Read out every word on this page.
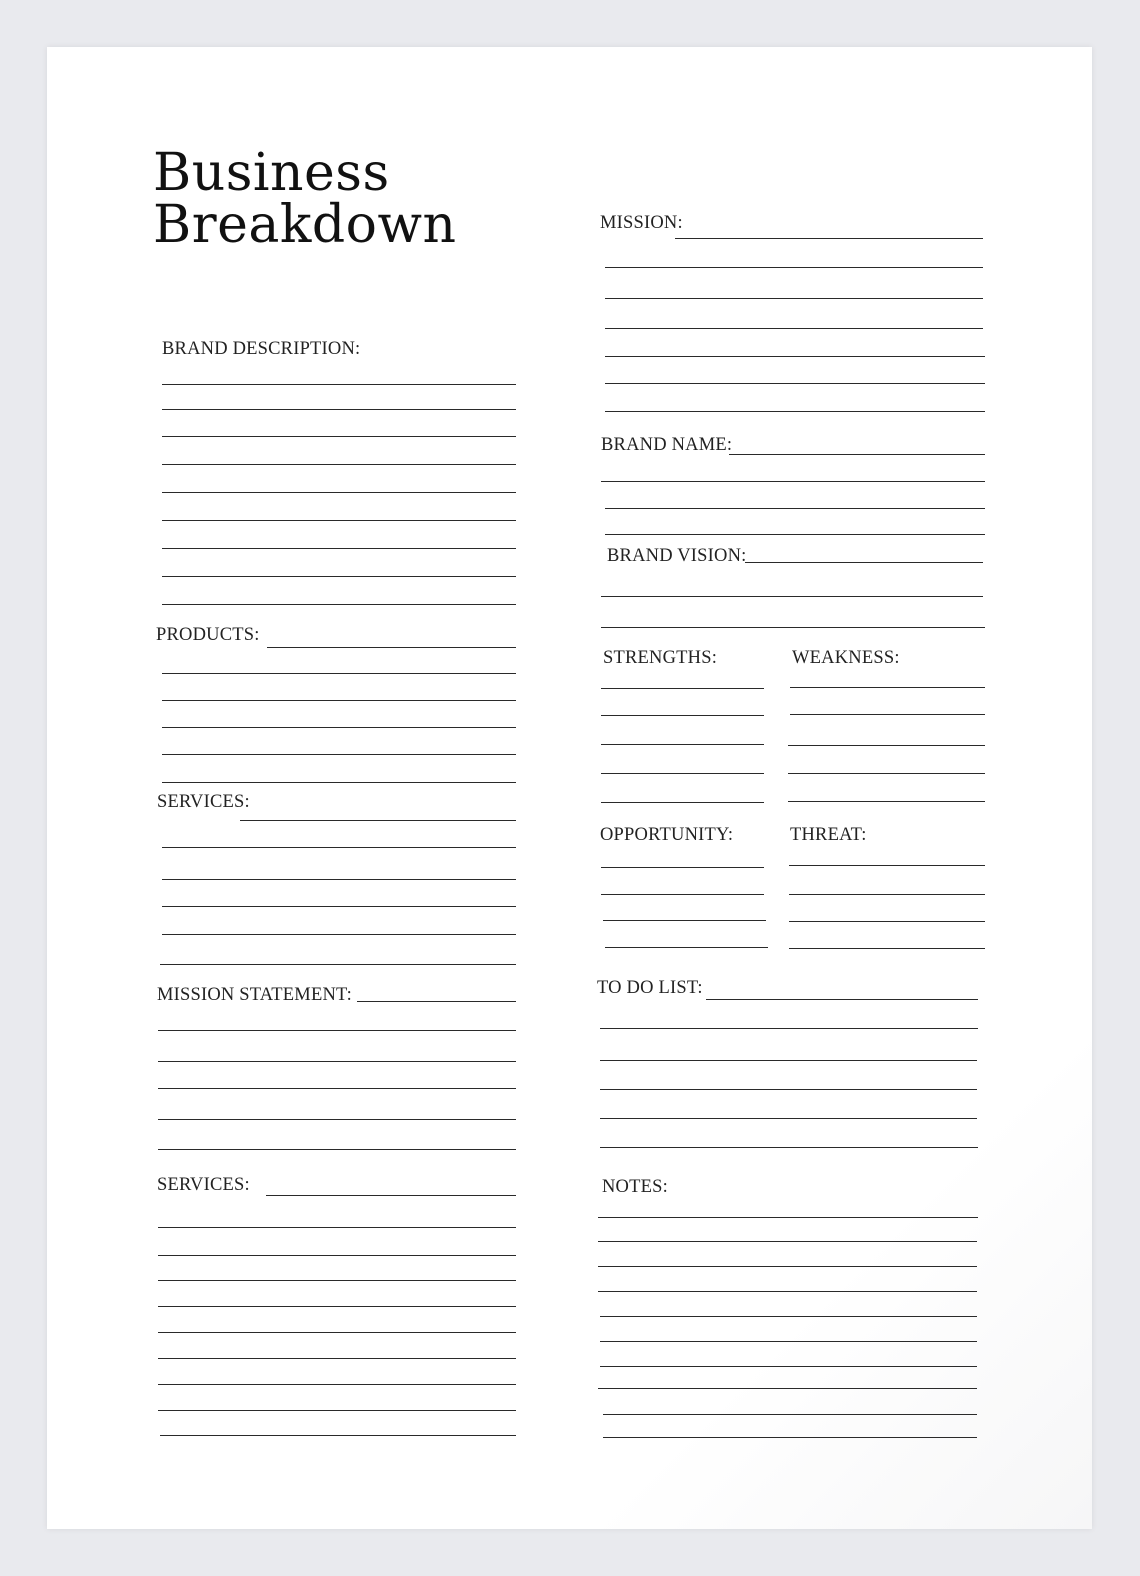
Business
Breakdown
BRAND DESCRIPTION:
PRODUCTS:
SERVICES:
MISSION STATEMENT:
SERVICES:
MISSION:
BRAND NAME:
BRAND VISION:
STRENGTHS:	WEAKNESS:
OPPORTUNITY:	THREAT:
TO DO LIST:
NOTES:
